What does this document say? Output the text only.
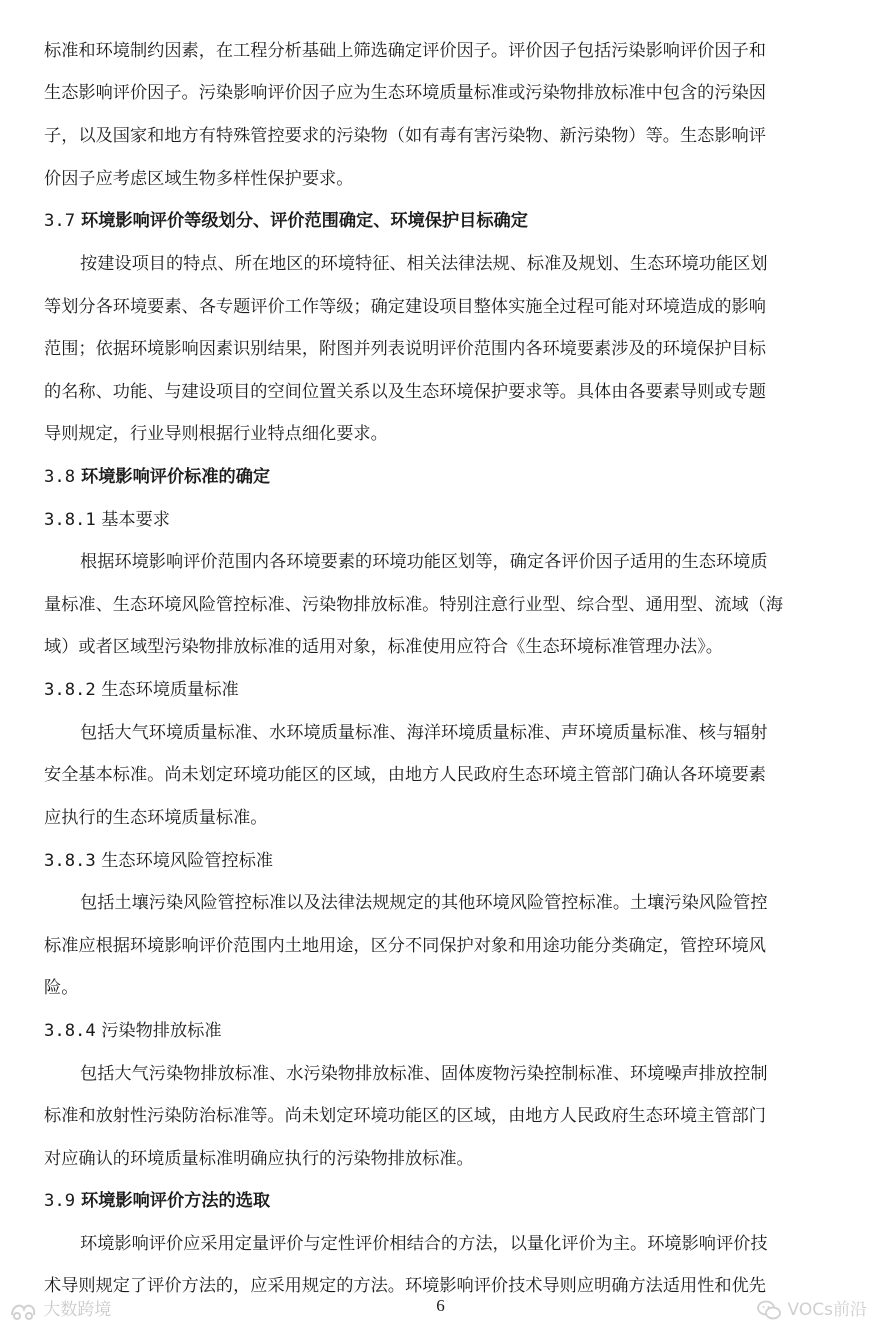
标准和环境制约因素，在工程分析基础上筛选确定评价因子。评价因子包括污染影响评价因子和
生态影响评价因子。污染影响评价因子应为生态环境质量标准或污染物排放标准中包含的污染因
子，以及国家和地方有特殊管控要求的污染物（如有毒有害污染物、新污染物）等。生态影响评
价因子应考虑区域生物多样性保护要求。
3.7 环境影响评价等级划分、评价范围确定、环境保护目标确定
按建设项目的特点、所在地区的环境特征、相关法律法规、标准及规划、生态环境功能区划
等划分各环境要素、各专题评价工作等级；确定建设项目整体实施全过程可能对环境造成的影响
范围；依据环境影响因素识别结果，附图并列表说明评价范围内各环境要素涉及的环境保护目标
的名称、功能、与建设项目的空间位置关系以及生态环境保护要求等。具体由各要素导则或专题
导则规定，行业导则根据行业特点细化要求。
3.8 环境影响评价标准的确定
3.8.1 基本要求
根据环境影响评价范围内各环境要素的环境功能区划等，确定各评价因子适用的生态环境质
量标准、生态环境风险管控标准、污染物排放标准。特别注意行业型、综合型、通用型、流域（海
域）或者区域型污染物排放标准的适用对象，标准使用应符合《生态环境标准管理办法》。
3.8.2 生态环境质量标准
包括大气环境质量标准、水环境质量标准、海洋环境质量标准、声环境质量标准、核与辐射
安全基本标准。尚未划定环境功能区的区域，由地方人民政府生态环境主管部门确认各环境要素
应执行的生态环境质量标准。
3.8.3 生态环境风险管控标准
包括土壤污染风险管控标准以及法律法规规定的其他环境风险管控标准。土壤污染风险管控
标准应根据环境影响评价范围内土地用途，区分不同保护对象和用途功能分类确定，管控环境风
险。
3.8.4 污染物排放标准
包括大气污染物排放标准、水污染物排放标准、固体废物污染控制标准、环境噪声排放控制
标准和放射性污染防治标准等。尚未划定环境功能区的区域，由地方人民政府生态环境主管部门
对应确认的环境质量标准明确应执行的污染物排放标准。
3.9 环境影响评价方法的选取
环境影响评价应采用定量评价与定性评价相结合的方法，以量化评价为主。环境影响评价技
术导则规定了评价方法的，应采用规定的方法。环境影响评价技术导则应明确方法适用性和优先
6
大数跨境	VOCs前沿
